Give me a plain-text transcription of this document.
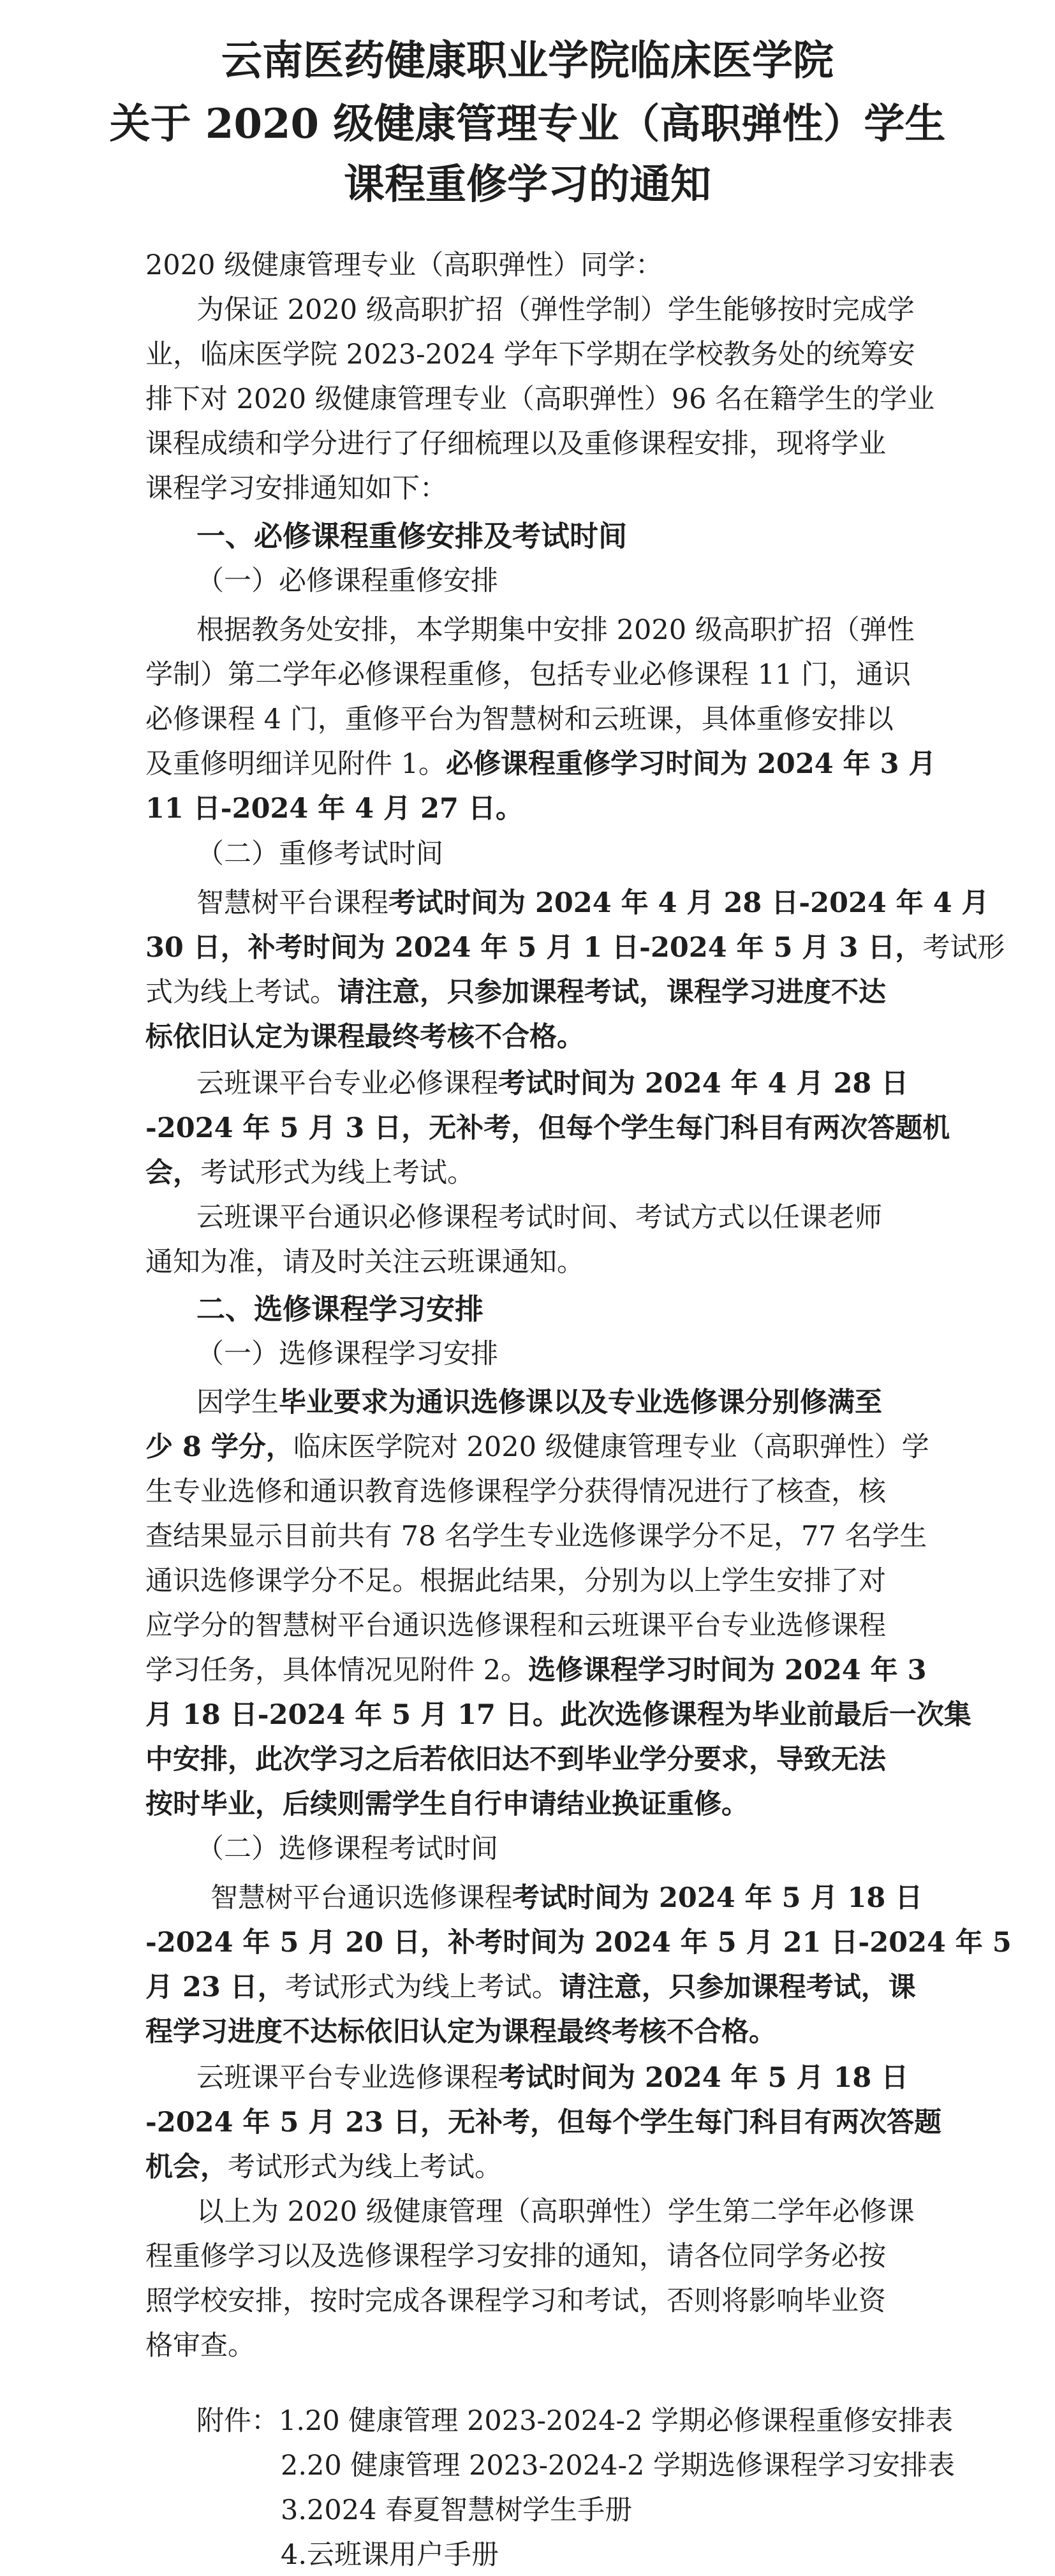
云南医药健康职业学院临床医学院
关于 2020 级健康管理专业（高职弹性）学生
课程重修学习的通知
2020 级健康管理专业（高职弹性）同学：
为保证 2020 级高职扩招（弹性学制）学生能够按时完成学
业，临床医学院 2023-2024 学年下学期在学校教务处的统筹安
排下对 2020 级健康管理专业（高职弹性）96 名在籍学生的学业
课程成绩和学分进行了仔细梳理以及重修课程安排，现将学业
课程学习安排通知如下：
一、必修课程重修安排及考试时间
（一）必修课程重修安排
根据教务处安排，本学期集中安排 2020 级高职扩招（弹性
学制）第二学年必修课程重修，包括专业必修课程 11 门，通识
必修课程 4 门，重修平台为智慧树和云班课，具体重修安排以
及重修明细详见附件 1。必修课程重修学习时间为 2024 年 3 月
11 日-2024 年 4 月 27 日。
（二）重修考试时间
智慧树平台课程考试时间为 2024 年 4 月 28 日-2024 年 4 月
30 日，补考时间为 2024 年 5 月 1 日-2024 年 5 月 3 日，考试形
式为线上考试。请注意，只参加课程考试，课程学习进度不达
标依旧认定为课程最终考核不合格。
云班课平台专业必修课程考试时间为 2024 年 4 月 28 日
-2024 年 5 月 3 日，无补考，但每个学生每门科目有两次答题机
会，考试形式为线上考试。
云班课平台通识必修课程考试时间、考试方式以任课老师
通知为准，请及时关注云班课通知。
二、选修课程学习安排
（一）选修课程学习安排
因学生毕业要求为通识选修课以及专业选修课分别修满至
少 8 学分，临床医学院对 2020 级健康管理专业（高职弹性）学
生专业选修和通识教育选修课程学分获得情况进行了核查，核
查结果显示目前共有 78 名学生专业选修课学分不足，77 名学生
通识选修课学分不足。根据此结果，分别为以上学生安排了对
应学分的智慧树平台通识选修课程和云班课平台专业选修课程
学习任务，具体情况见附件 2。选修课程学习时间为 2024 年 3
月 18 日-2024 年 5 月 17 日。此次选修课程为毕业前最后一次集
中安排，此次学习之后若依旧达不到毕业学分要求，导致无法
按时毕业，后续则需学生自行申请结业换证重修。
（二）选修课程考试时间
智慧树平台通识选修课程考试时间为 2024 年 5 月 18 日
-2024 年 5 月 20 日，补考时间为 2024 年 5 月 21 日-2024 年 5
月 23 日，考试形式为线上考试。请注意，只参加课程考试，课
程学习进度不达标依旧认定为课程最终考核不合格。
云班课平台专业选修课程考试时间为 2024 年 5 月 18 日
-2024 年 5 月 23 日，无补考，但每个学生每门科目有两次答题
机会，考试形式为线上考试。
以上为 2020 级健康管理（高职弹性）学生第二学年必修课
程重修学习以及选修课程学习安排的通知，请各位同学务必按
照学校安排，按时完成各课程学习和考试，否则将影响毕业资
格审查。
附件：1.20 健康管理 2023-2024-2 学期必修课程重修安排表
2.20 健康管理 2023-2024-2 学期选修课程学习安排表
3.2024 春夏智慧树学生手册
4.云班课用户手册
